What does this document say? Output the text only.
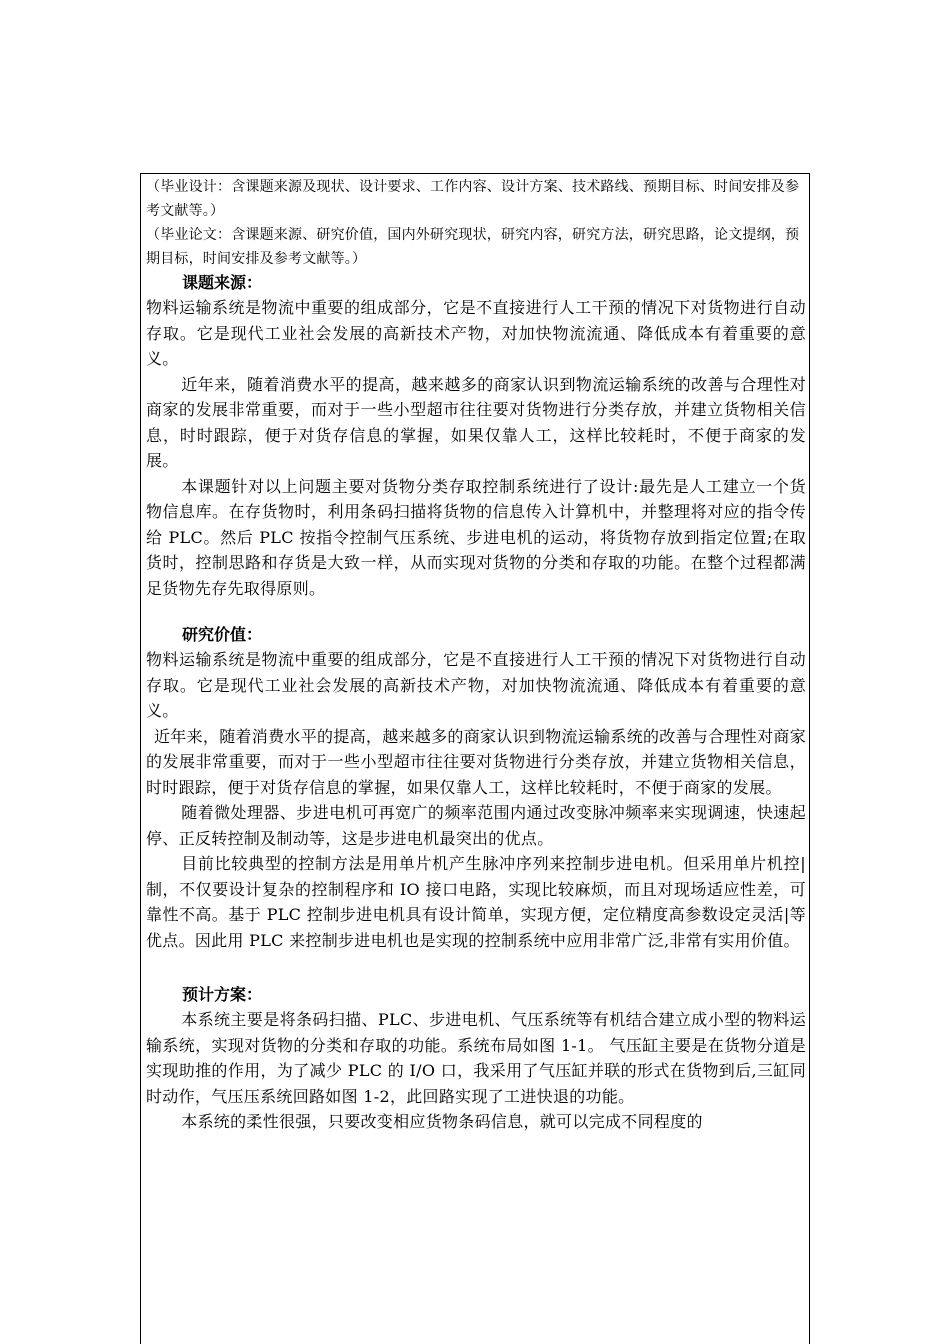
（毕业设计：含课题来源及现状、设计要求、工作内容、设计方案、技术路线、预期目标、时间安排及参考文献等。）

（毕业论文：含课题来源、研究价值，国内外研究现状，研究内容，研究方法，研究思路，论文提纲，预期目标，时间安排及参考文献等。）

课题来源：

物料运输系统是物流中重要的组成部分，它是不直接进行人工干预的情况下对货物进行自动存取。它是现代工业社会发展的高新技术产物，对加快物流流通、降低成本有着重要的意义。

近年来，随着消费水平的提高，越来越多的商家认识到物流运输系统的改善与合理性对商家的发展非常重要，而对于一些小型超市往往要对货物进行分类存放，并建立货物相关信息，时时跟踪，便于对货存信息的掌握，如果仅靠人工，这样比较耗时，不便于商家的发展。

本课题针对以上问题主要对货物分类存取控制系统进行了设计:最先是人工建立一个货物信息库。在存货物时，利用条码扫描将货物的信息传入计算机中，并整理将对应的指令传给 PLC。然后 PLC 按指令控制气压系统、步进电机的运动，将货物存放到指定位置;在取货时，控制思路和存货是大致一样，从而实现对货物的分类和存取的功能。在整个过程都满足货物先存先取得原则。

研究价值：

物料运输系统是物流中重要的组成部分，它是不直接进行人工干预的情况下对货物进行自动存取。它是现代工业社会发展的高新技术产物，对加快物流流通、降低成本有着重要的意义。

近年来，随着消费水平的提高，越来越多的商家认识到物流运输系统的改善与合理性对商家的发展非常重要，而对于一些小型超市往往要对货物进行分类存放，并建立货物相关信息，时时跟踪，便于对货存信息的掌握，如果仅靠人工，这样比较耗时，不便于商家的发展。

随着微处理器、步进电机可再宽广的频率范围内通过改变脉冲频率来实现调速，快速起停、正反转控制及制动等，这是步进电机最突出的优点。

目前比较典型的控制方法是用单片机产生脉冲序列来控制步进电机。但采用单片机控|制，不仅要设计复杂的控制程序和 IO 接口电路，实现比较麻烦，而且对现场适应性差，可靠性不高。基于 PLC 控制步进电机具有设计简单，实现方便，定位精度高参数设定灵活|等优点。因此用 PLC 来控制步进电机也是实现的控制系统中应用非常广泛,非常有实用价值。

预计方案：

本系统主要是将条码扫描、PLC、步进电机、气压系统等有机结合建立成小型的物料运输系统，实现对货物的分类和存取的功能。系统布局如图 1-1。 气压缸主要是在货物分道是实现助推的作用，为了减少 PLC 的 I/O 口，我采用了气压缸并联的形式在货物到后,三缸同时动作，气压压系统回路如图 1-2，此回路实现了工进快退的功能。

本系统的柔性很强，只要改变相应货物条码信息，就可以完成不同程度的
